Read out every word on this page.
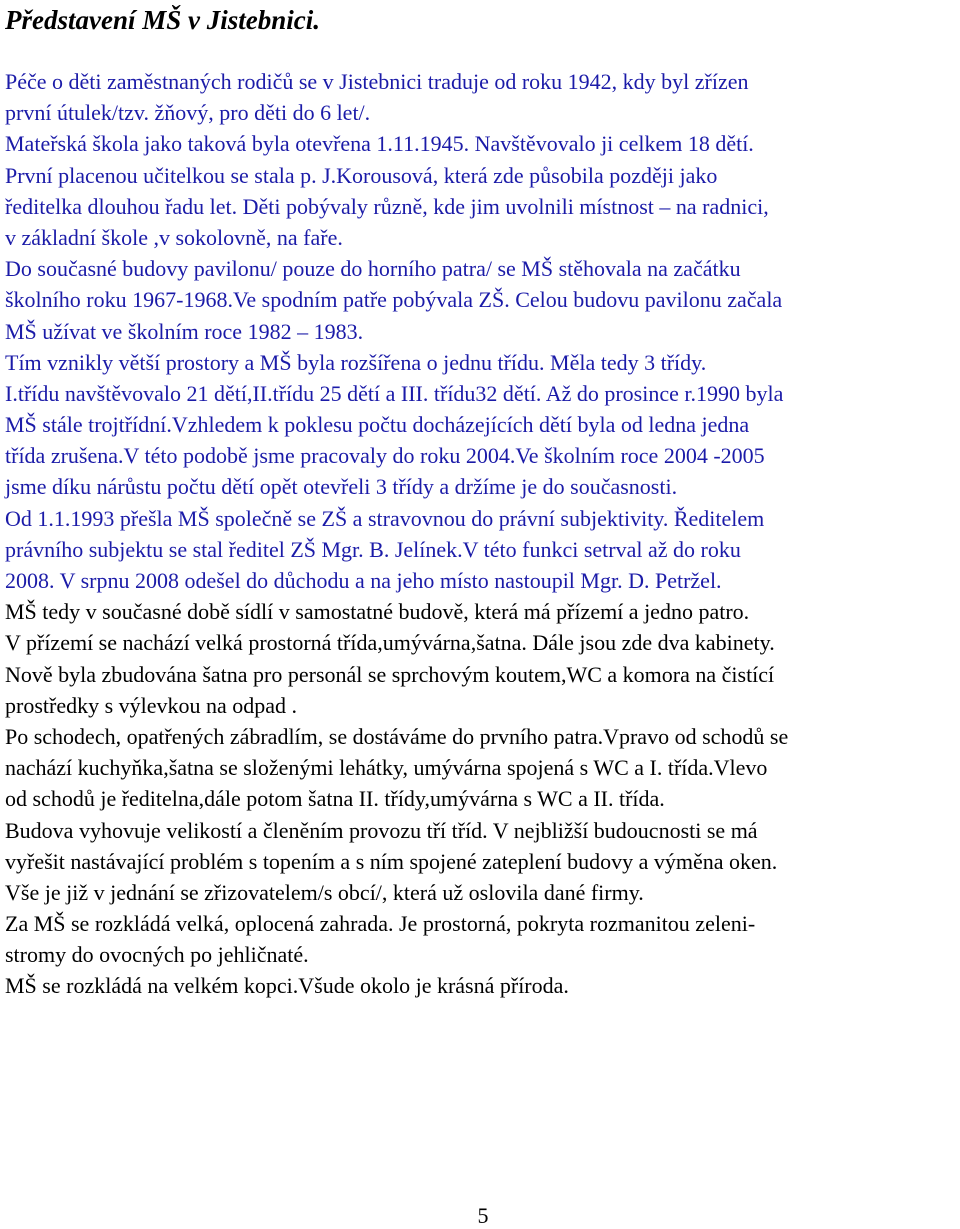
Představení MŠ v Jistebnici.
Péče o děti zaměstnaných rodičů se v Jistebnici traduje od roku 1942, kdy byl zřízen
první útulek/tzv. žňový, pro děti do 6 let/.
Mateřská škola jako taková byla otevřena 1.11.1945. Navštěvovalo ji celkem 18 dětí.
První placenou učitelkou se stala p. J.Korousová, která zde působila později jako
ředitelka dlouhou řadu let. Děti pobývaly různě, kde jim uvolnili místnost – na radnici,
v základní škole ,v sokolovně, na faře.
Do současné budovy pavilonu/ pouze do horního patra/ se MŠ stěhovala na začátku
školního roku 1967-1968.Ve spodním patře pobývala ZŠ. Celou budovu pavilonu začala
MŠ užívat ve školním roce 1982 – 1983.
Tím vznikly větší prostory a MŠ byla rozšířena o jednu třídu. Měla tedy 3 třídy.
I.třídu navštěvovalo 21 dětí,II.třídu 25 dětí a III. třídu32 dětí. Až do prosince r.1990 byla
MŠ stále trojtřídní.Vzhledem k poklesu počtu docházejících dětí byla od ledna jedna
třída zrušena.V této podobě jsme pracovaly do roku 2004.Ve školním roce 2004 -2005
jsme díku nárůstu počtu dětí opět otevřeli 3 třídy a držíme je do současnosti.
Od 1.1.1993 přešla MŠ společně se ZŠ a stravovnou do právní subjektivity. Ředitelem
právního subjektu se stal ředitel ZŠ Mgr. B. Jelínek.V této funkci setrval až do roku
2008. V srpnu 2008 odešel do důchodu a na jeho místo nastoupil Mgr. D. Petržel.
MŠ tedy v současné době sídlí v samostatné budově, která má přízemí a jedno patro.
V přízemí se nachází velká prostorná třída,umývárna,šatna. Dále jsou zde dva kabinety.
Nově byla zbudována šatna pro personál se sprchovým koutem,WC a komora na čistící
prostředky s výlevkou na odpad .
Po schodech, opatřených zábradlím, se dostáváme do prvního patra.Vpravo od schodů se
nachází kuchyňka,šatna se složenými lehátky, umývárna spojená s WC a I. třída.Vlevo
od schodů je ředitelna,dále potom šatna II. třídy,umývárna s WC a II. třída.
Budova vyhovuje velikostí a členěním provozu tří tříd. V nejbližší budoucnosti se má
vyřešit nastávající problém s topením a s ním spojené zateplení budovy a výměna oken.
Vše je již v jednání se zřizovatelem/s obcí/, která už oslovila dané firmy.
Za MŠ se rozkládá velká, oplocená zahrada. Je prostorná, pokryta rozmanitou zeleni-
stromy do ovocných po jehličnaté.
MŠ se rozkládá na velkém kopci.Všude okolo je krásná příroda.
5
